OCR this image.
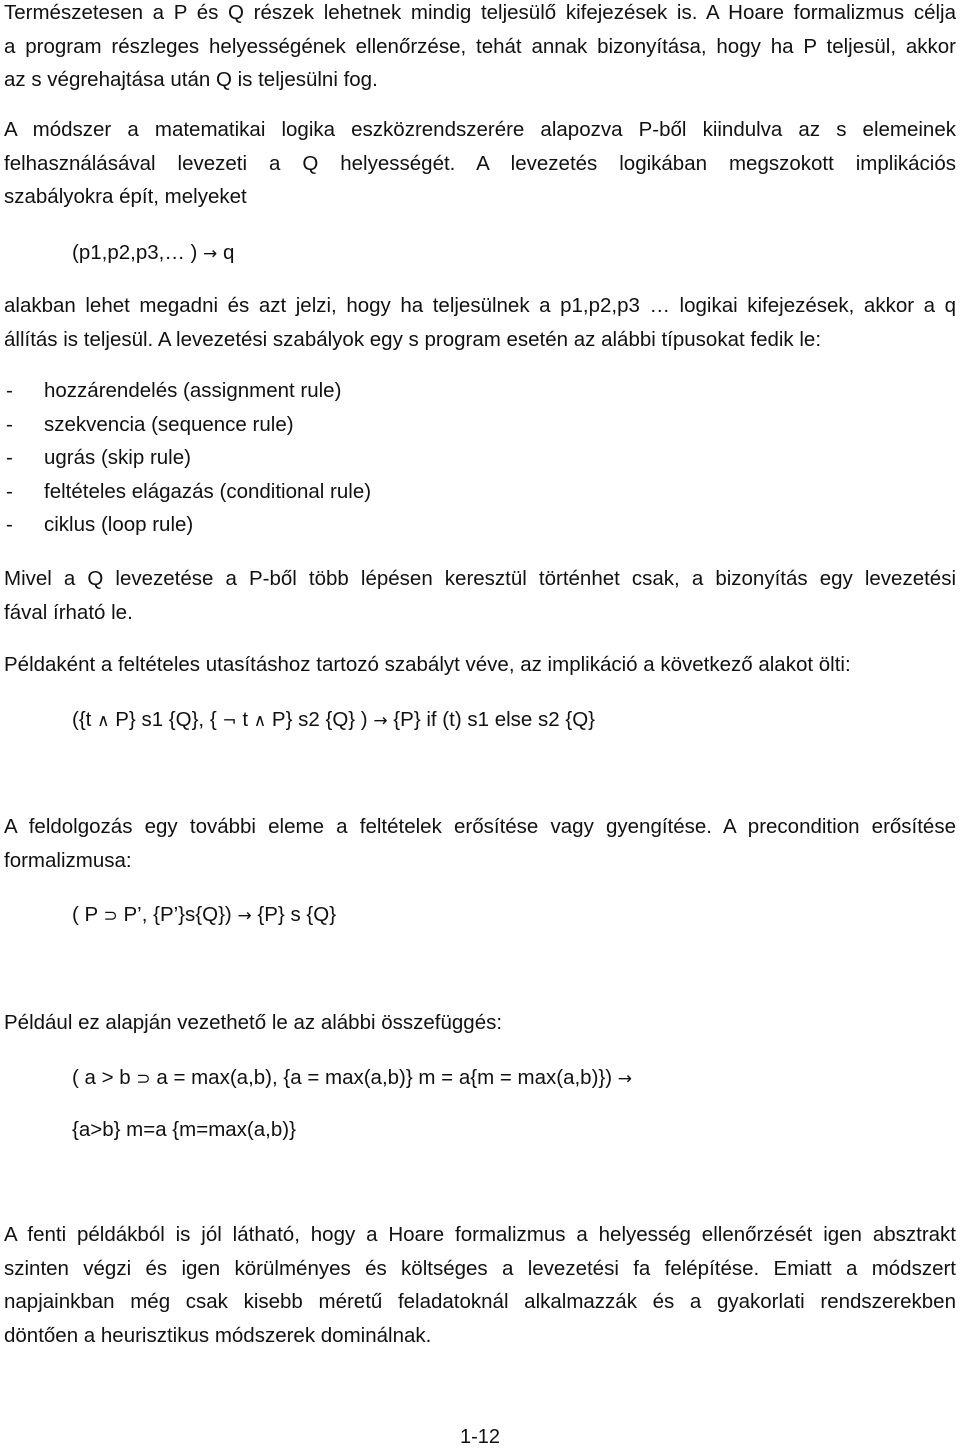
Természetesen a P és Q részek lehetnek mindig teljesülő kifejezések is. A Hoare formalizmus célja
a program részleges helyességének ellenőrzése, tehát annak bizonyítása, hogy ha P teljesül, akkor
az s végrehajtása után Q is teljesülni fog.
A módszer a matematikai logika eszközrendszerére alapozva P-ből kiindulva az s elemeinek
felhasználásával levezeti a Q helyességét. A levezetés logikában megszokott implikációs
szabályokra épít, melyeket
(p1,p2,p3,… ) → q
alakban lehet megadni és azt jelzi, hogy ha teljesülnek a p1,p2,p3 … logikai kifejezések, akkor a q
állítás is teljesül. A levezetési szabályok egy s program esetén az alábbi típusokat fedik le:
- hozzárendelés (assignment rule)
- szekvencia (sequence rule)
- ugrás (skip rule)
- feltételes elágazás (conditional rule)
- ciklus (loop rule)
Mivel a Q levezetése a P-ből több lépésen keresztül történhet csak, a bizonyítás egy levezetési
fával írható le.
Példaként a feltételes utasításhoz tartozó szabályt véve, az implikáció a következő alakot ölti:
({t ∧ P} s1 {Q}, { ¬ t ∧ P} s2 {Q} ) → {P} if (t) s1 else s2 {Q}
A feldolgozás egy további eleme a feltételek erősítése vagy gyengítése. A precondition erősítése
formalizmusa:
( P ⊃ P’, {P’}s{Q}) → {P} s {Q}
Például ez alapján vezethető le az alábbi összefüggés:
( a > b ⊃ a = max(a,b), {a = max(a,b)} m = a{m = max(a,b)}) →
{a>b} m=a {m=max(a,b)}
A fenti példákból is jól látható, hogy a Hoare formalizmus a helyesség ellenőrzését igen absztrakt
szinten végzi és igen körülményes és költséges a levezetési fa felépítése. Emiatt a módszert
napjainkban még csak kisebb méretű feladatoknál alkalmazzák és a gyakorlati rendszerekben
döntően a heurisztikus módszerek dominálnak.
1-12
